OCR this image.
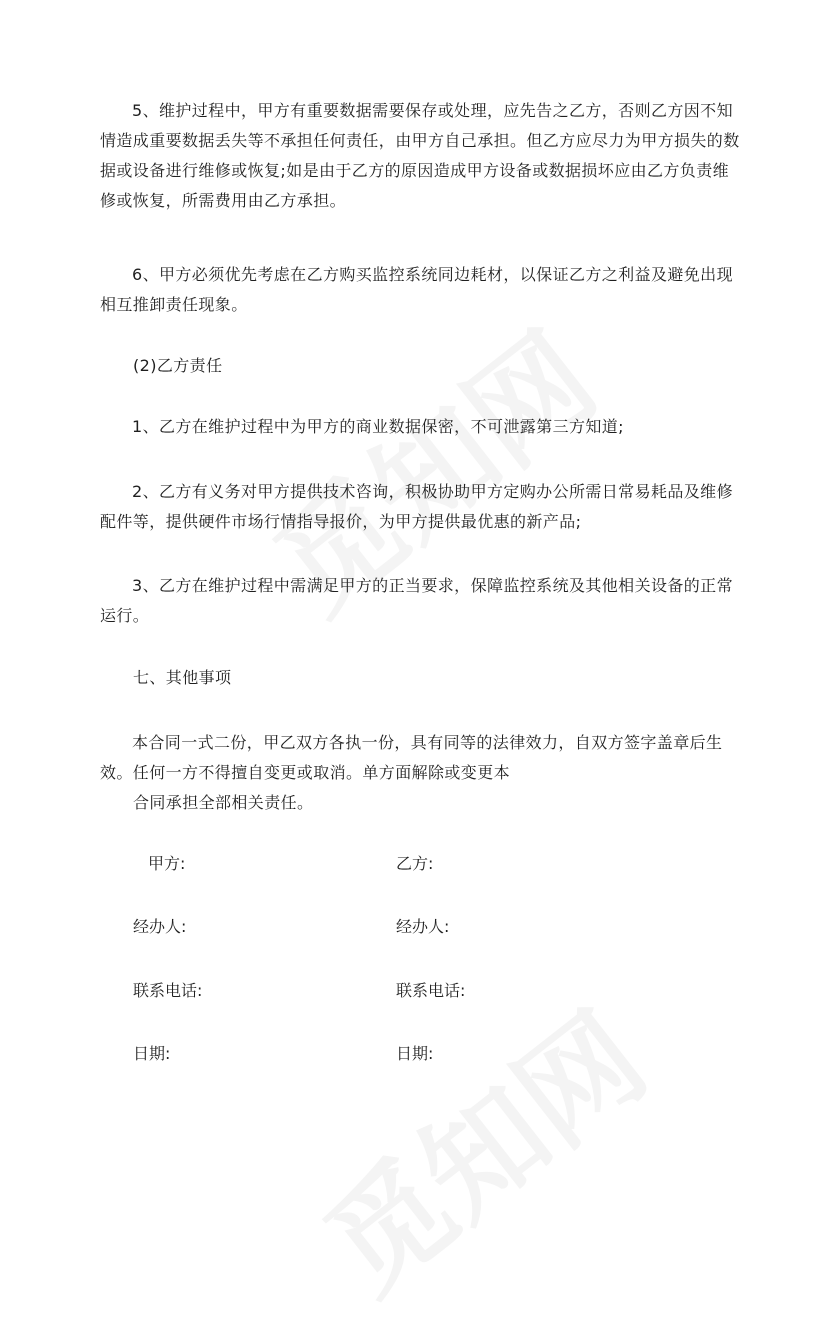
5、维护过程中，甲方有重要数据需要保存或处理，应先告之乙方，否则乙方因不知情造成重要数据丢失等不承担任何责任，由甲方自己承担。但乙方应尽力为甲方损失的数据或设备进行维修或恢复;如是由于乙方的原因造成甲方设备或数据损坏应由乙方负责维修或恢复，所需费用由乙方承担。

6、甲方必须优先考虑在乙方购买监控系统同边耗材，以保证乙方之利益及避免出现相互推卸责任现象。

(2)乙方责任

1、乙方在维护过程中为甲方的商业数据保密，不可泄露第三方知道;

2、乙方有义务对甲方提供技术咨询，积极协助甲方定购办公所需日常易耗品及维修配件等，提供硬件市场行情指导报价，为甲方提供最优惠的新产品;

3、乙方在维护过程中需满足甲方的正当要求，保障监控系统及其他相关设备的正常运行。

七、其他事项

本合同一式二份，甲乙双方各执一份，具有同等的法律效力，自双方签字盖章后生效。任何一方不得擅自变更或取消。单方面解除或变更本

合同承担全部相关责任。

甲方:	乙方:
经办人:	经办人:
联系电话:	联系电话:
日期:	日期:
